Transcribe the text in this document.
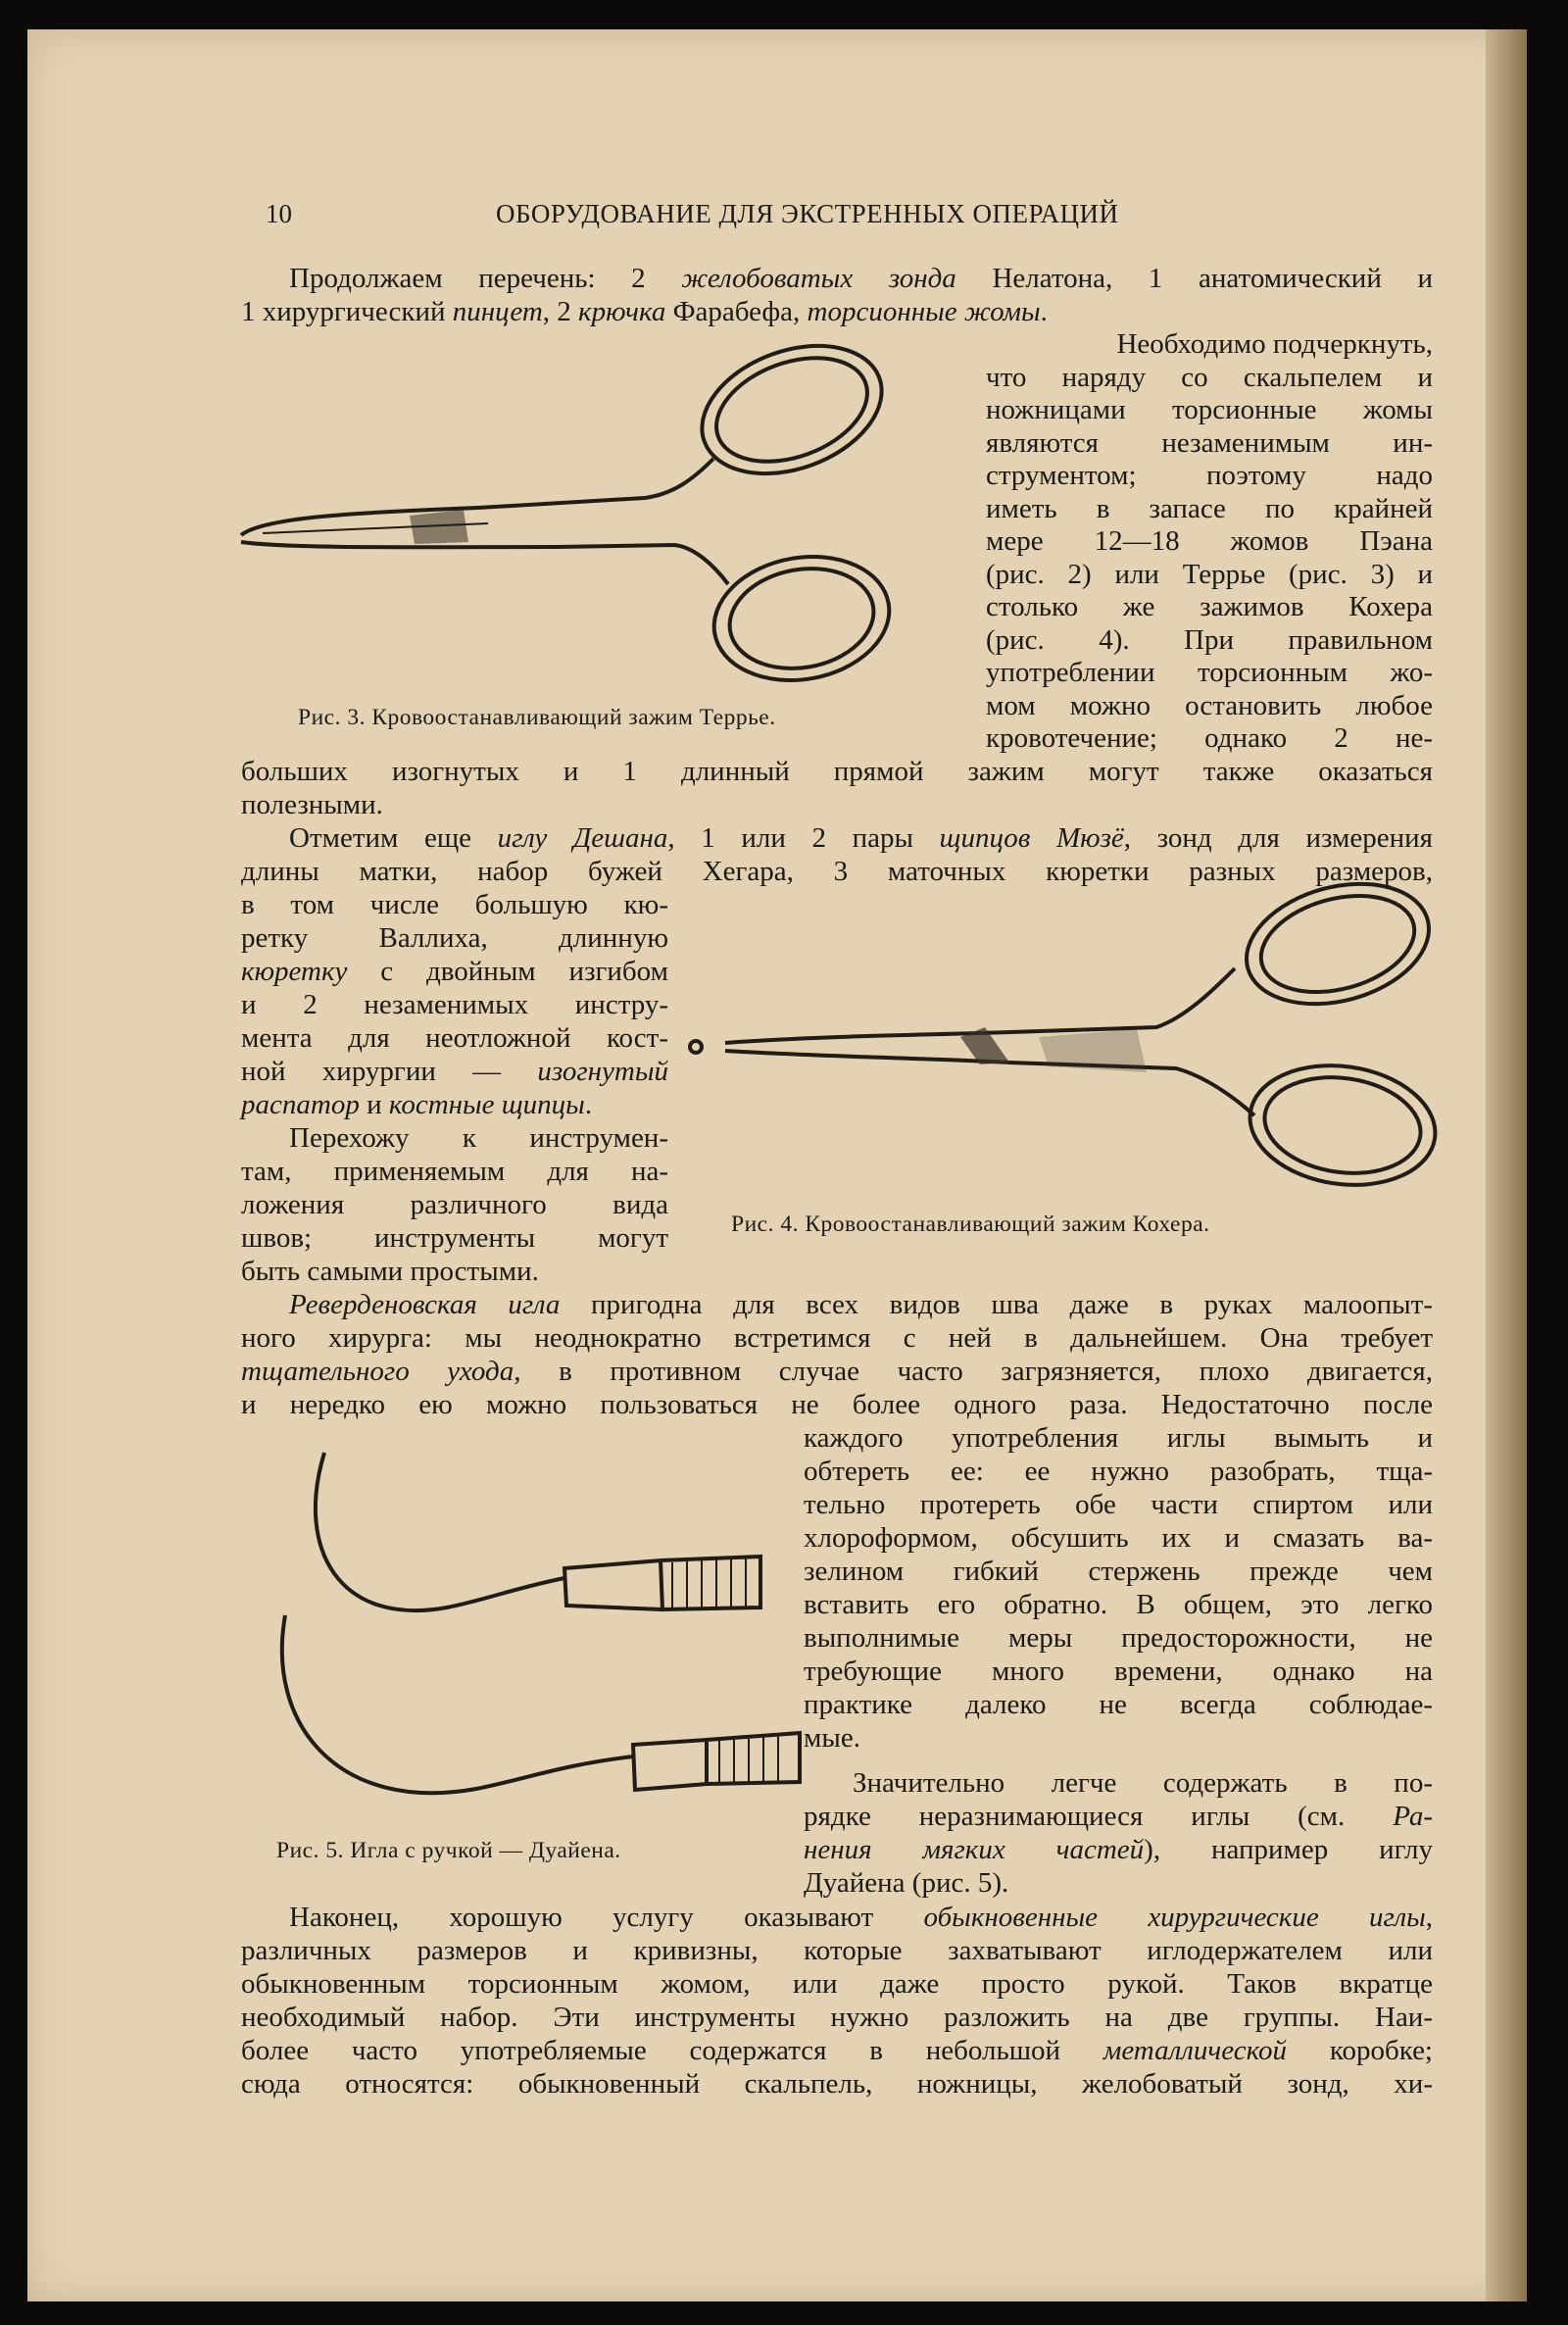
10	ОБОРУДОВАНИЕ ДЛЯ ЭКСТРЕННЫХ ОПЕРАЦИЙ

Продолжаем перечень: 2 желобоватых зонда Нелатона, 1 анатомический и

1 хирургический пинцет, 2 крючка Фарабефа, торсионные жомы.

Рис. 3. Кровоостанавливающий зажим Террье.

Необходимо подчеркнуть,

что наряду со скальпелем и

ножницами торсионные жомы

являются незаменимым ин-

струментом; поэтому надо

иметь в запасе по крайней

мере 12—18 жомов Пэана

(рис. 2) или Террье (рис. 3) и

столько же зажимов Кохера

(рис. 4). При правильном

употреблении торсионным жо-

мом можно остановить любое

кровотечение; однако 2 не-

больших изогнутых и 1 длинный прямой зажим могут также оказаться

полезными.

Отметим еще иглу Дешана, 1 или 2 пары щипцов Мюзё, зонд для измерения

длины матки, набор бужей Хегара, 3 маточных кюретки разных размеров,

в том числе большую кю-

ретку Валлиха, длинную

кюретку с двойным изгибом

и 2 незаменимых инстру-

мента для неотложной кост-

ной хирургии — изогнутый

распатор и костные щипцы.

Перехожу к инструмен-

там, применяемым для на-

ложения различного вида

швов; инструменты могут

быть самыми простыми.

Рис. 4. Кровоостанавливающий зажим Кохера.

Реверденовская игла пригодна для всех видов шва даже в руках малоопыт-

ного хирурга: мы неоднократно встретимся с ней в дальнейшем. Она требует

тщательного ухода, в противном случае часто загрязняется, плохо двигается,

и нередко ею можно пользоваться не более одного раза. Недостаточно после

каждого употребления иглы вымыть и

обтереть ее: ее нужно разобрать, тща-

тельно протереть обе части спиртом или

хлороформом, обсушить их и смазать ва-

зелином гибкий стержень прежде чем

вставить его обратно. В общем, это легко

выполнимые меры предосторожности, не

требующие много времени, однако на

практике далеко не всегда соблюдае-

мые.

Значительно легче содержать в по-

рядке неразнимающиеся иглы (см. Ра-

нения мягких частей), например иглу

Дуайена (рис. 5).

Рис. 5. Игла с ручкой — Дуайена.

Наконец, хорошую услугу оказывают обыкновенные хирургические иглы,

различных размеров и кривизны, которые захватывают иглодержателем или

обыкновенным торсионным жомом, или даже просто рукой. Таков вкратце

необходимый набор. Эти инструменты нужно разложить на две группы. Наи-

более часто употребляемые содержатся в небольшой металлической коробке;

сюда относятся: обыкновенный скальпель, ножницы, желобоватый зонд, хи-
